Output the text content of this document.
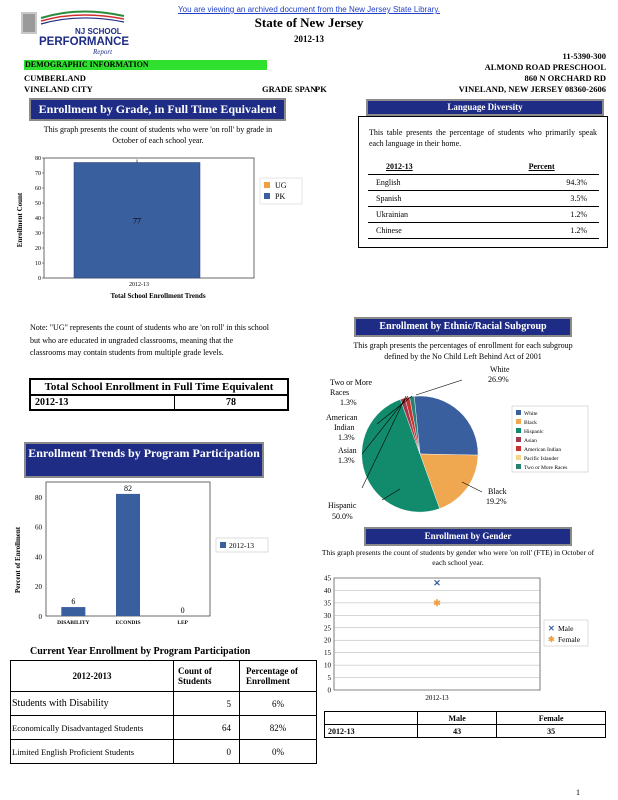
You are viewing an archived document from the New Jersey State Library.
NJ SCHOOL
PERFORMANCE
Report
State of New Jersey
2012-13
11-5390-300
ALMOND ROAD PRESCHOOL
860 N ORCHARD RD
VINELAND, NEW JERSEY 08360-2606
DEMOGRAPHIC INFORMATION
CUMBERLAND
VINELAND CITY	GRADE SPAN
PK
Enrollment by Grade, in Full Time Equivalent
This graph presents the count of students who were 'on roll' by grade in October of each school year.
Enrollment Count
0
10
20
30
40
50
60
70
80
2012-13
77
UG
PK
Total School Enrollment Trends
Note: "UG" represents the count of students who are 'on roll' in this school but who are educated in ungraded classrooms, meaning that the classrooms may contain students from multiple grade levels.
Total School Enrollment in Full Time Equivalent
2012-13	78
Language Diversity
This table presents the percentage of students who primarily speak each language in their home.
2012-13	Percent
English	94.3%
Spanish	3.5%
Ukrainian	1.2%
Chinese	1.2%
Enrollment by Ethnic/Racial Subgroup
This graph presents the percentages of enrollment for each subgroup defined by the No Child Left Behind Act of 2001
White
26.9%
Two or More
Races
1.3%
American
Indian
1.3%
Asian
1.3%
Black
19.2%
Hispanic
50.0%
White
Black
Hispanic
Asian
American Indian
Pacific Islander
Two or More Races
Enrollment Trends by Program Participation
Percent of Enrollment
0
20
40
60
80
6
DISABILITY
82
ECONDIS
0
LEP
2012-13
Current Year Enrollment by Program Participation
2012-2013	Count of Students	Percentage of Enrollment
Students with Disability	5	6%
Economically Disadvantaged Students	64	82%
Limited English Proficient Students	0	0%
Enrollment by Gender
This graph presents the count of students by gender who were 'on roll' (FTE) in October of each school year.
0
5
10
15
20
25
30
35
40
45
2012-13
✕
✱
✕ Male
✱ Female
	Male	Female
2012-13	43	35
1
